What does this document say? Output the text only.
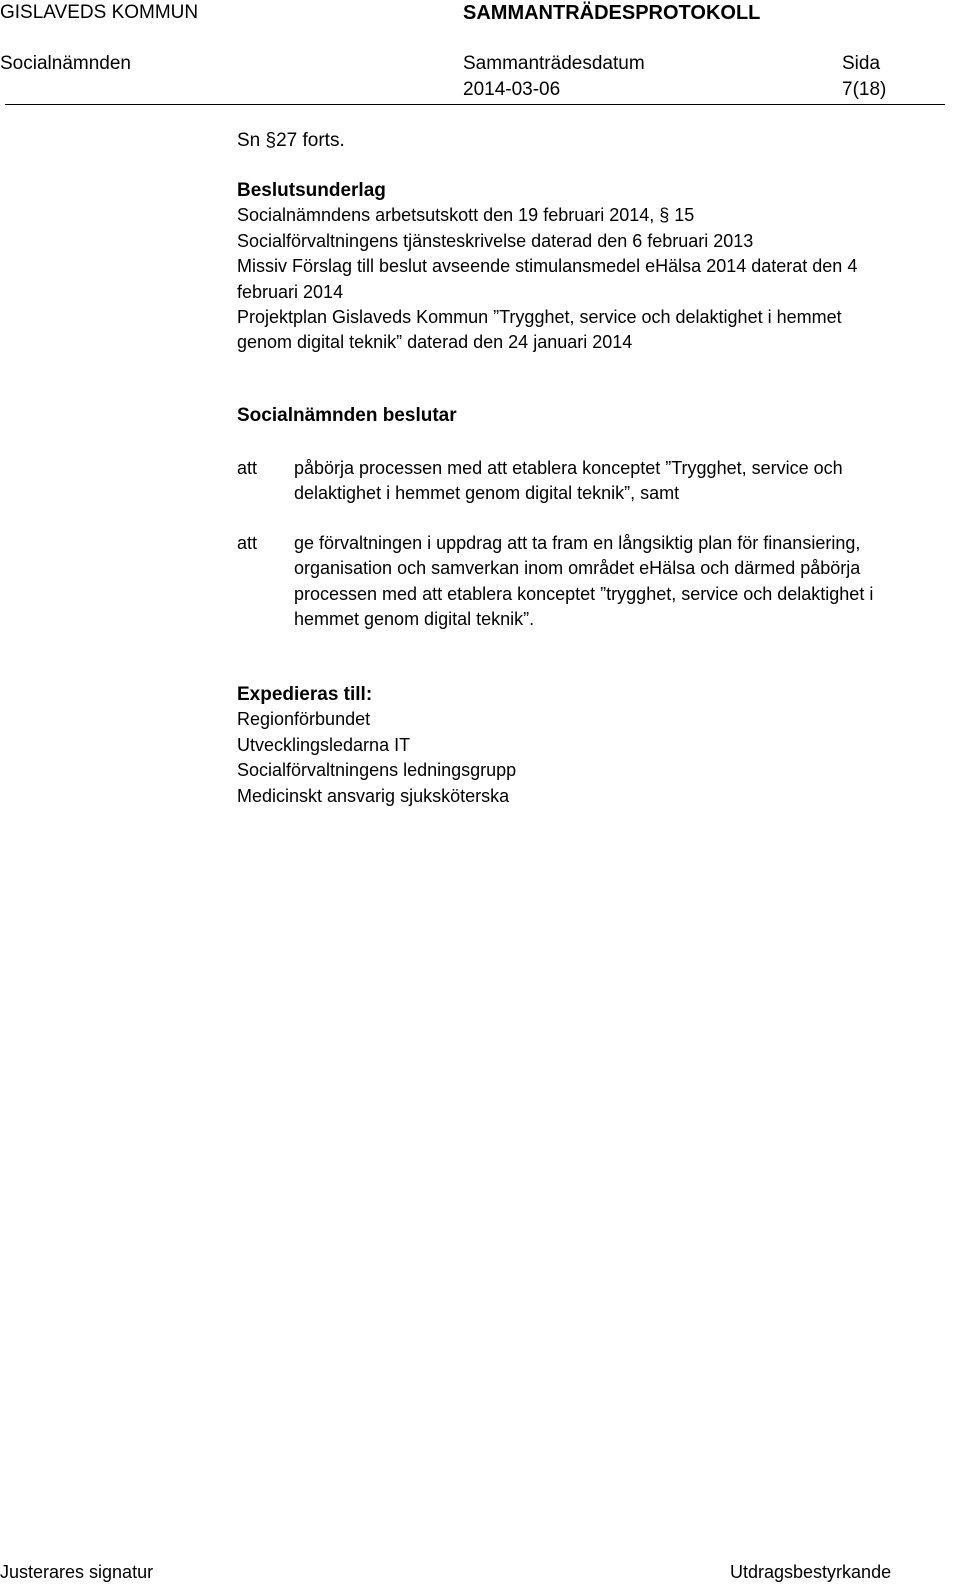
GISLAVEDS KOMMUN	SAMMANTRÄDESPROTOKOLL
Socialnämnden	Sammanträdesdatum
2014-03-06
Sida
7(18)
Sn §27 forts.

Beslutsunderlag

Socialnämndens arbetsutskott den 19 februari 2014, § 15

Socialförvaltningens tjänsteskrivelse daterad den 6 februari 2013

Missiv Förslag till beslut avseende stimulansmedel eHälsa 2014 daterat den 4

februari 2014

Projektplan Gislaveds Kommun ”Trygghet, service och delaktighet i hemmet

genom digital teknik” daterad den 24 januari 2014

Socialnämnden beslutar
att påbörja processen med att etablera konceptet ”Trygghet, service och delaktighet i hemmet genom digital teknik”, samt
att ge förvaltningen i uppdrag att ta fram en långsiktig plan för finansiering, organisation och samverkan inom området eHälsa och därmed påbörja processen med att etablera konceptet ”trygghet, service och delaktighet i hemmet genom digital teknik”.

Expedieras till:

Regionförbundet

Utvecklingsledarna IT

Socialförvaltningens ledningsgrupp

Medicinskt ansvarig sjuksköterska

Justerares signatur	Utdragsbestyrkande
